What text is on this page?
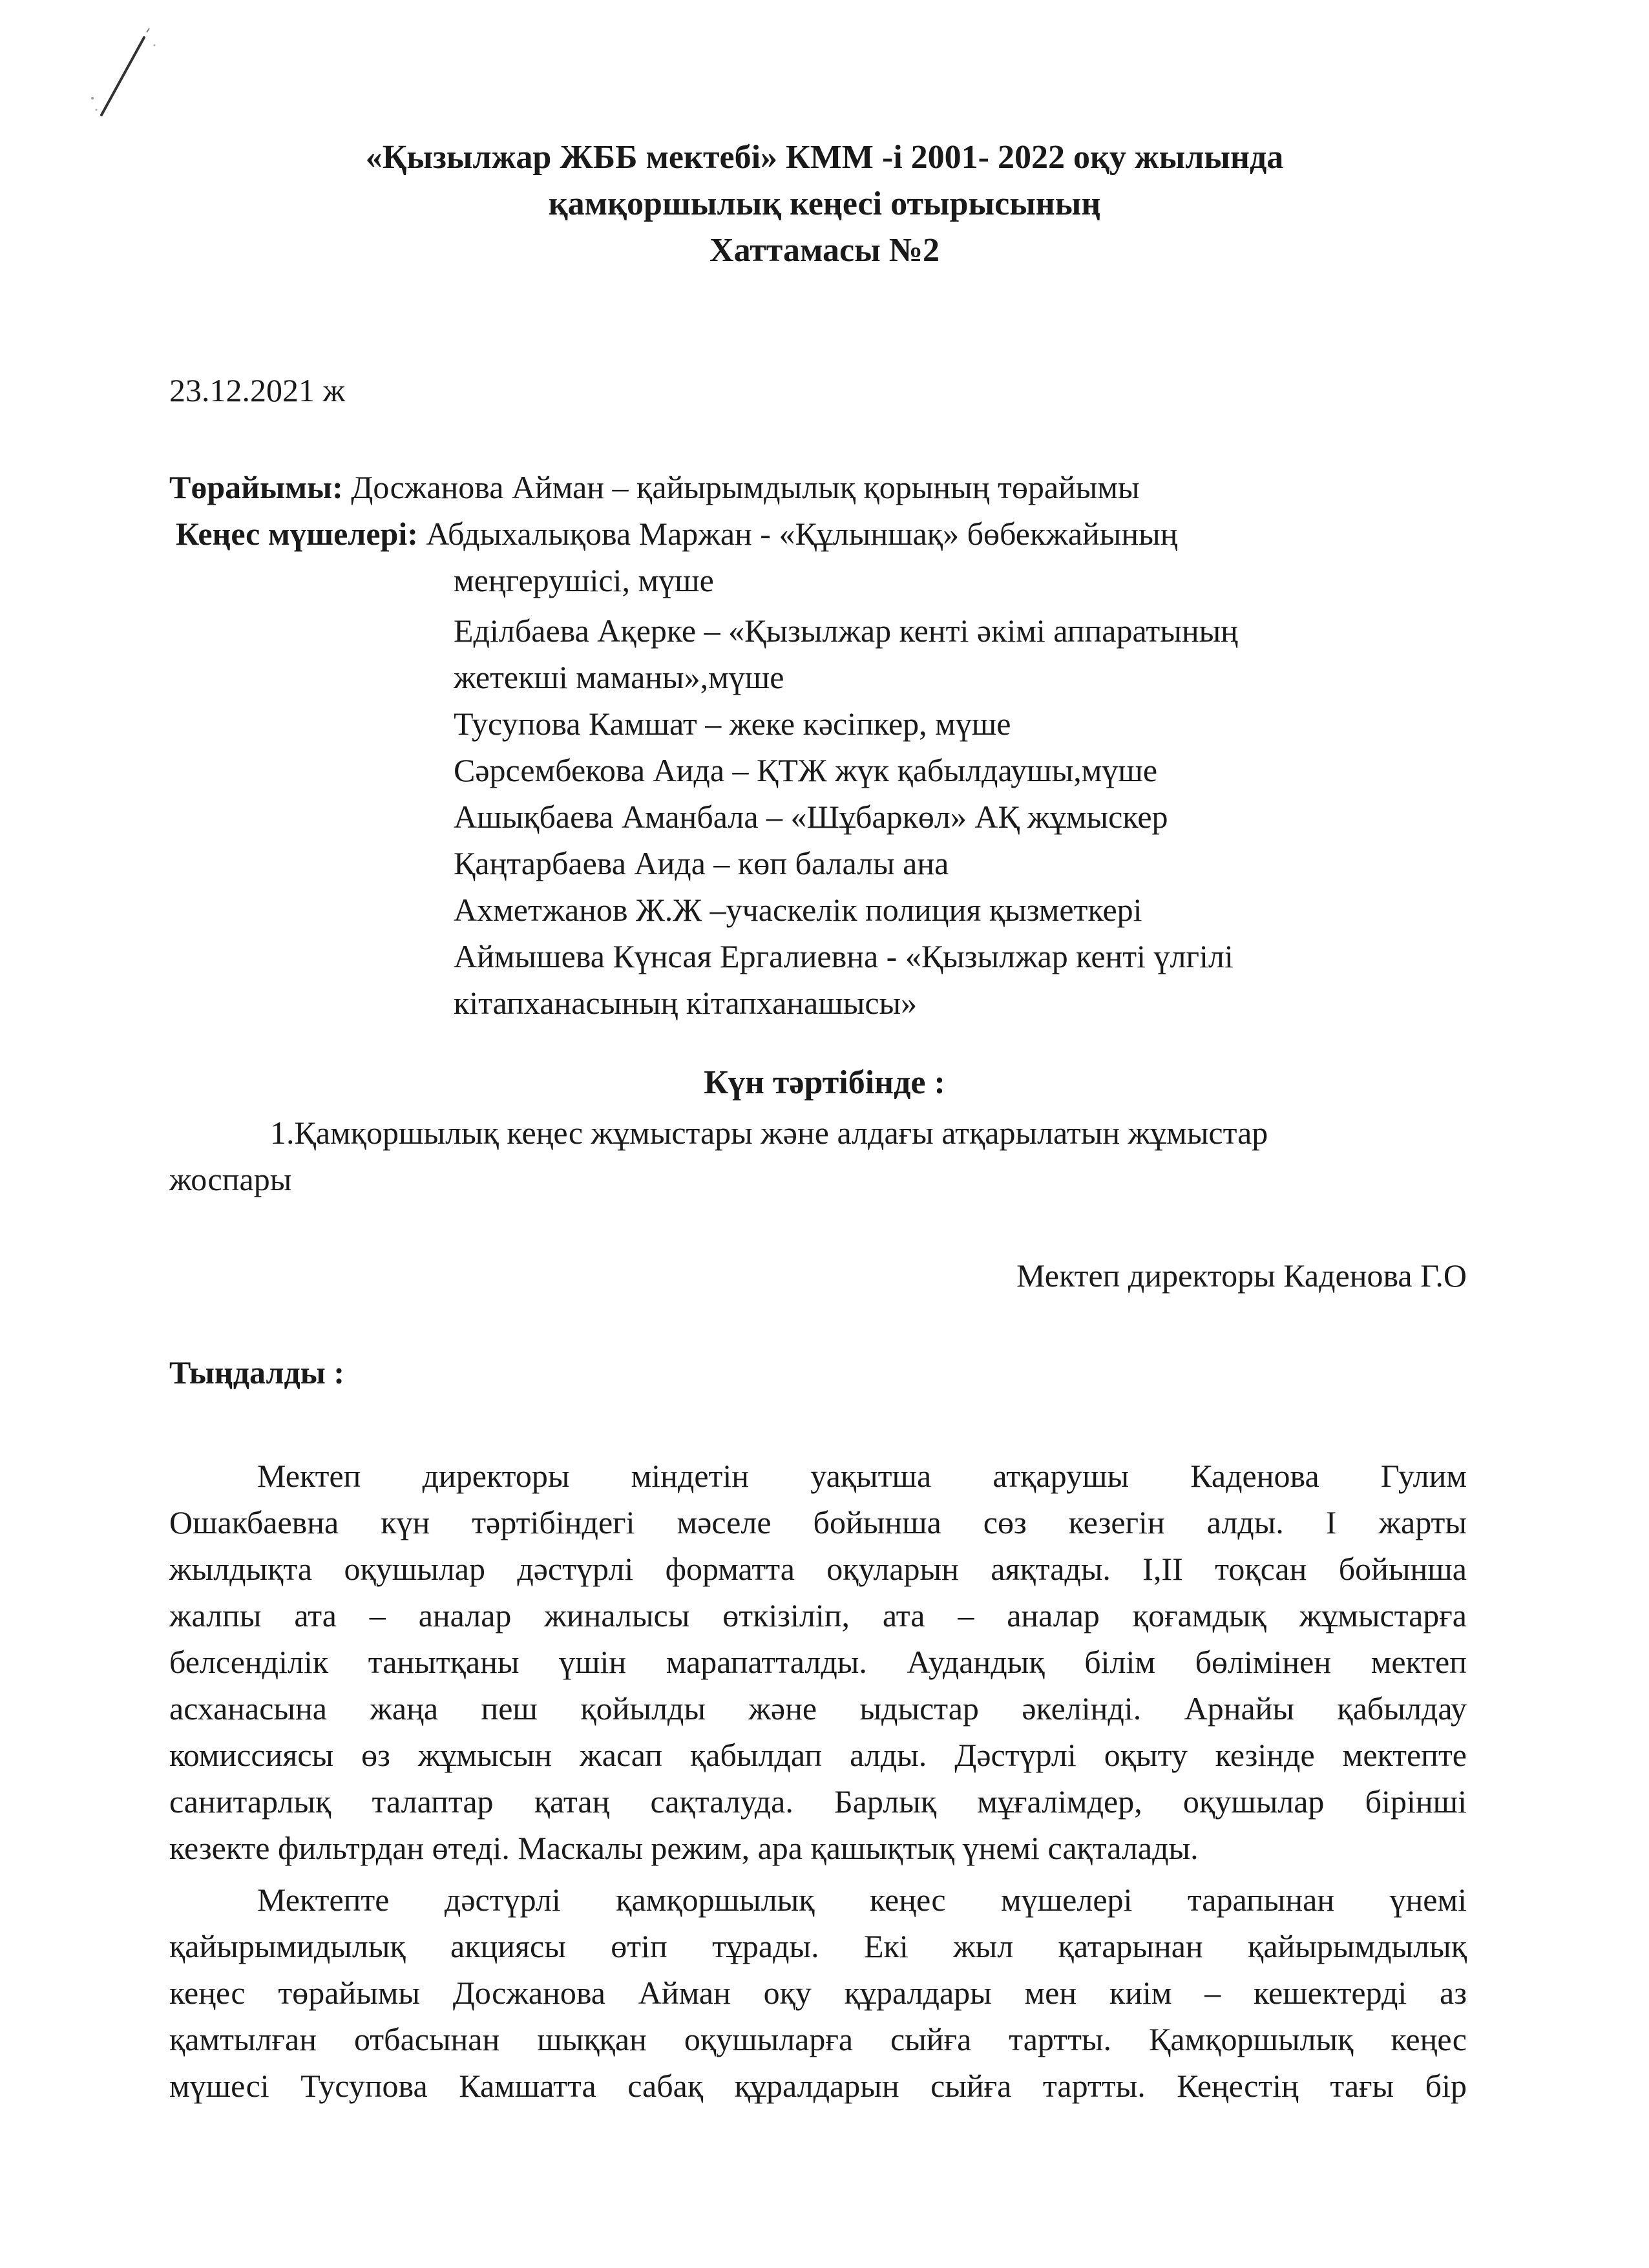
«Қызылжар ЖББ мектебі» КММ -і 2001- 2022 оқу жылында
қамқоршылық кеңесі отырысының
Хаттамасы №2
23.12.2021 ж
Төрайымы: Досжанова Айман – қайырымдылық қорының төрайымы
Кеңес мүшелері: Абдыхалықова Маржан - «Құлыншақ» бөбекжайының
меңгерушісі, мүше
Еділбаева Ақерке – «Қызылжар кенті әкімі аппаратының
жетекші маманы»,мүше
Тусупова Камшат – жеке кәсіпкер, мүше
Сәрсембекова Аида – ҚТЖ жүк қабылдаушы,мүше
Ашықбаева Аманбала – «Шұбаркөл» АҚ жұмыскер
Қаңтарбаева Аида – көп балалы ана
Ахметжанов Ж.Ж –учаскелік полиция қызметкері
Аймышева Күнсая Ергалиевна - «Қызылжар кенті үлгілі
кітапханасының кітапханашысы»
Күн тәртібінде :
1.Қамқоршылық кеңес жұмыстары және алдағы атқарылатын жұмыстар
жоспары
Мектеп директоры Каденова Г.О
Тыңдалды :
Мектеп директоры міндетін уақытша атқарушы Каденова Гулим
Ошакбаевна күн тәртібіндегі мәселе бойынша сөз кезегін алды. І жарты
жылдықта оқушылар дәстүрлі форматта оқуларын аяқтады. І,ІІ тоқсан бойынша
жалпы ата – аналар жиналысы өткізіліп, ата – аналар қоғамдық жұмыстарға
белсенділік танытқаны үшін марапатталды. Аудандық білім бөлімінен мектеп
асханасына жаңа пеш қойылды және ыдыстар әкелінді. Арнайы қабылдау
комиссиясы өз жұмысын жасап қабылдап алды. Дәстүрлі оқыту кезінде мектепте
санитарлық талаптар қатаң сақталуда. Барлық мұғалімдер, оқушылар бірінші
кезекте фильтрдан өтеді. Маскалы режим, ара қашықтық үнемі сақталады.
Мектепте дәстүрлі қамқоршылық кеңес мүшелері тарапынан үнемі
қайырымидылық акциясы өтіп тұрады. Екі жыл қатарынан қайырымдылық
кеңес төрайымы Досжанова Айман оқу құралдары мен киім – кешектерді аз
қамтылған отбасынан шыққан оқушыларға сыйға тартты. Қамқоршылық кеңес
мүшесі Тусупова Камшатта сабақ құралдарын сыйға тартты. Кеңестің тағы бір
